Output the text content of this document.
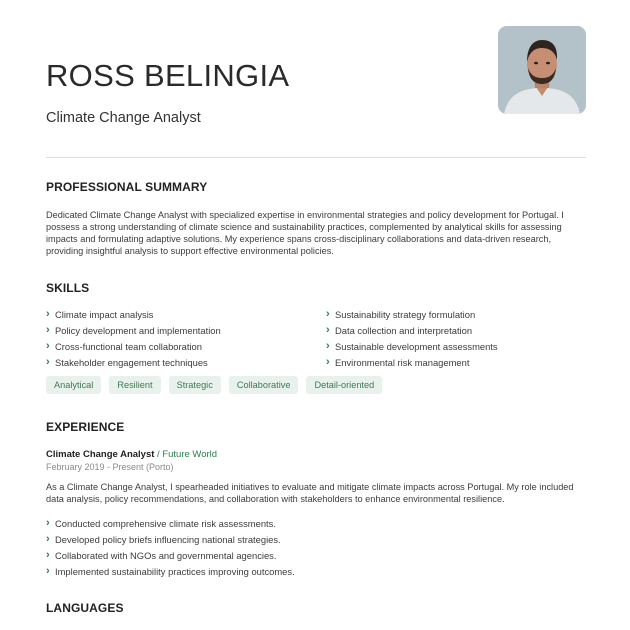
ROSS BELINGIA
Climate Change Analyst
PROFESSIONAL SUMMARY

Dedicated Climate Change Analyst with specialized expertise in environmental strategies and policy development for Portugal. I possess a strong understanding of climate science and sustainability practices, complemented by analytical skills for assessing impacts and formulating adaptive solutions. My experience spans cross-disciplinary collaborations and data-driven research, providing insightful analysis to support effective environmental policies.

SKILLS
› Climate impact analysis	› Sustainability strategy formulation
› Policy development and implementation	› Data collection and interpretation
› Cross-functional team collaboration	› Sustainable development assessments
› Stakeholder engagement techniques	› Environmental risk management
Analytical	Resilient	Strategic	Collaborative	Detail-oriented
EXPERIENCE
Climate Change Analyst / Future World
February 2019 - Present (Porto)

As a Climate Change Analyst, I spearheaded initiatives to evaluate and mitigate climate impacts across Portugal. My role included data analysis, policy recommendations, and collaboration with stakeholders to enhance environmental resilience.

› Conducted comprehensive climate risk assessments.
› Developed policy briefs influencing national strategies.
› Collaborated with NGOs and governmental agencies.
› Implemented sustainability practices improving outcomes.
LANGUAGES
